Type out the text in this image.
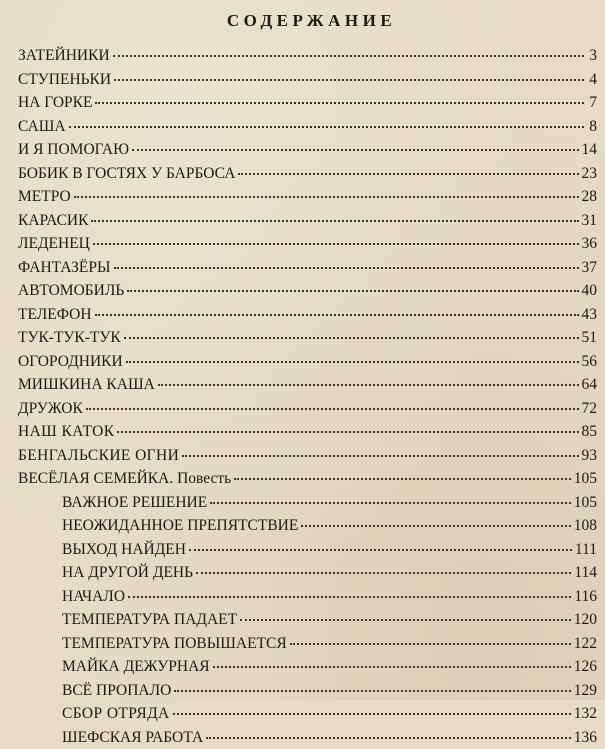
СОДЕРЖАНИЕ
ЗАТЕЙНИКИ	3
СТУПЕНЬКИ	4
НА ГОРКЕ	7
САША	8
И Я ПОМОГАЮ	14
БОБИК В ГОСТЯХ У БАРБОСА	23
МЕТРО	28
КАРАСИК	31
ЛЕДЕНЕЦ	36
ФАНТАЗЁРЫ	37
АВТОМОБИЛЬ	40
ТЕЛЕФОН	43
ТУК-ТУК-ТУК	51
ОГОРОДНИКИ	56
МИШКИНА КАША	64
ДРУЖОК	72
НАШ КАТОК	85
БЕНГАЛЬСКИЕ ОГНИ	93
ВЕСЁЛАЯ СЕМЕЙКА. Повесть	105
ВАЖНОЕ РЕШЕНИЕ	105
НЕОЖИДАННОЕ ПРЕПЯТСТВИЕ	108
ВЫХОД НАЙДЕН	111
НА ДРУГОЙ ДЕНЬ	114
НАЧАЛО	116
ТЕМПЕРАТУРА ПАДАЕТ	120
ТЕМПЕРАТУРА ПОВЫШАЕТСЯ	122
МАЙКА ДЕЖУРНАЯ	126
ВСЁ ПРОПАЛО	129
СБОР ОТРЯДА	132
ШЕФСКАЯ РАБОТА	136
